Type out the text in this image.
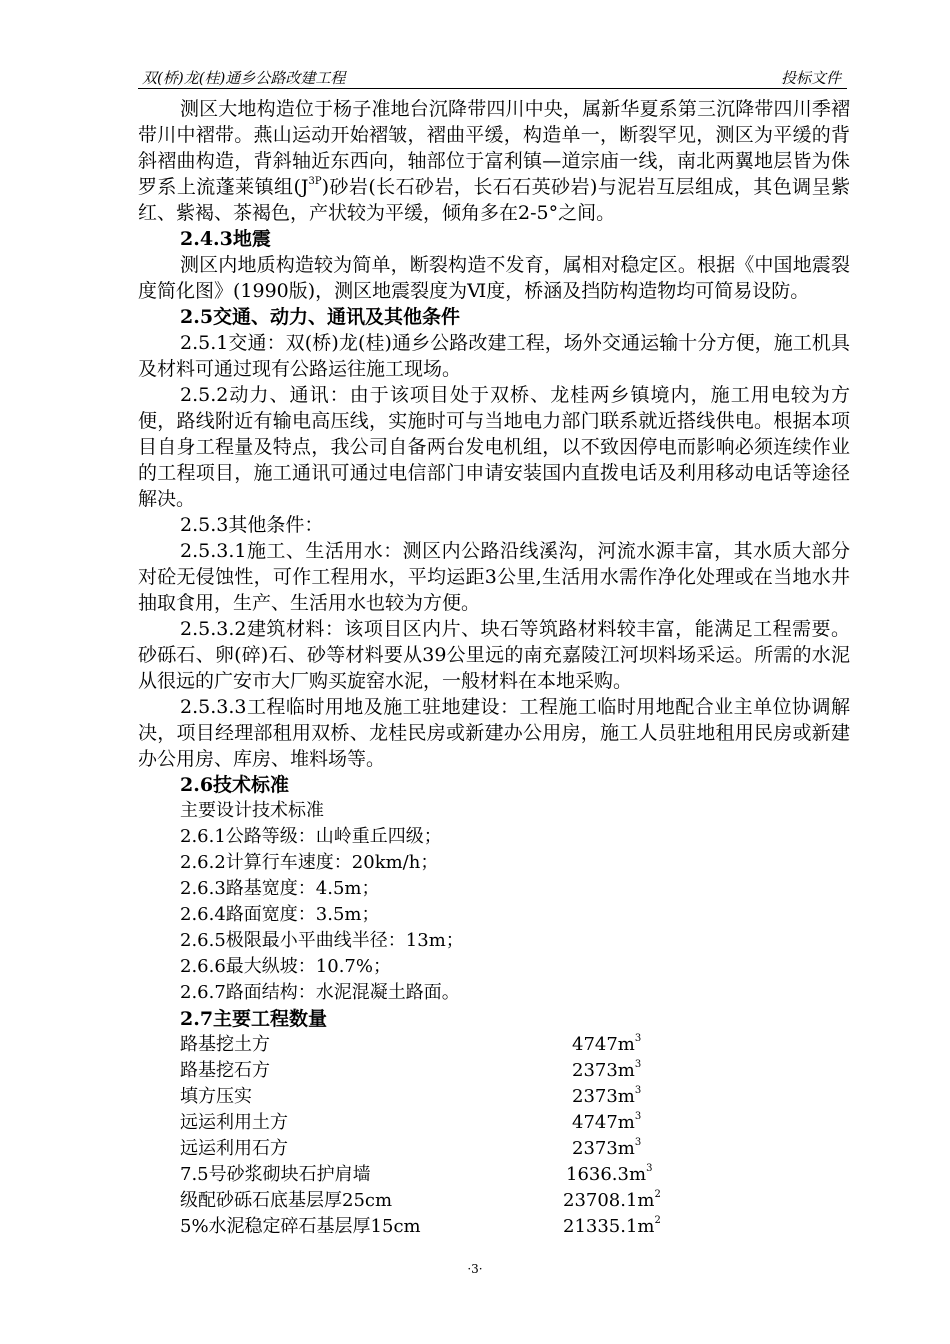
双(桥)龙(桂)通乡公路改建工程	投标文件

测区大地构造位于杨子准地台沉降带四川中央，属新华夏系第三沉降带四川季褶带川中褶带。燕山运动开始褶皱，褶曲平缓，构造单一，断裂罕见，测区为平缓的背斜褶曲构造，背斜轴近东西向，轴部位于富利镇—道宗庙一线，南北两翼地层皆为侏罗系上流蓬莱镇组$(J^{3P})$砂岩(长石砂岩，长石石英砂岩)与泥岩互层组成，其色调呈紫红、紫褐、茶褐色，产状较为平缓，倾角多在2-5°之间。

2.4.3地震

测区内地质构造较为简单，断裂构造不发育，属相对稳定区。根据《中国地震裂度简化图》(1990版)，测区地震裂度为Ⅵ度，桥涵及挡防构造物均可简易设防。

2.5交通、动力、通讯及其他条件

2.5.1交通：双(桥)龙(桂)通乡公路改建工程，场外交通运输十分方便，施工机具及材料可通过现有公路运往施工现场。

2.5.2动力、通讯：由于该项目处于双桥、龙桂两乡镇境内，施工用电较为方便，路线附近有输电高压线，实施时可与当地电力部门联系就近搭线供电。根据本项目自身工程量及特点，我公司自备两台发电机组，以不致因停电而影响必须连续作业的工程项目，施工通讯可通过电信部门申请安装国内直拨电话及利用移动电话等途径解决。

2.5.3其他条件：

2.5.3.1施工、生活用水：测区内公路沿线溪沟，河流水源丰富，其水质大部分对砼无侵蚀性，可作工程用水，平均运距3公里,生活用水需作净化处理或在当地水井抽取食用，生产、生活用水也较为方便。

2.5.3.2建筑材料：该项目区内片、块石等筑路材料较丰富，能满足工程需要。砂砾石、卵(碎)石、砂等材料要从39公里远的南充嘉陵江河坝料场采运。所需的水泥从很远的广安市大厂购买旋窑水泥，一般材料在本地采购。

2.5.3.3工程临时用地及施工驻地建设：工程施工临时用地配合业主单位协调解决，项目经理部租用双桥、龙桂民房或新建办公用房，施工人员驻地租用民房或新建办公用房、库房、堆料场等。

2.6技术标准

主要设计技术标准

2.6.1公路等级：山岭重丘四级；

2.6.2计算行车速度：20km/h；

2.6.3路基宽度：4.5m；

2.6.4路面宽度：3.5m；

2.6.5极限最小平曲线半径：13m；

2.6.6最大纵坡：10.7%；

2.6.7路面结构：水泥混凝土路面。

2.7主要工程数量

路基挖土方	$4747m^3$
路基挖石方	$2373m^3$
填方压实	$2373m^3$
远运利用土方	$4747m^3$
远运利用石方	$2373m^3$
7.5号砂浆砌块石护肩墙	$1636.3m^3$
级配砂砾石底基层厚25cm	$23708.1m^2$
5%水泥稳定碎石基层厚15cm	$21335.1m^2$
·3·
